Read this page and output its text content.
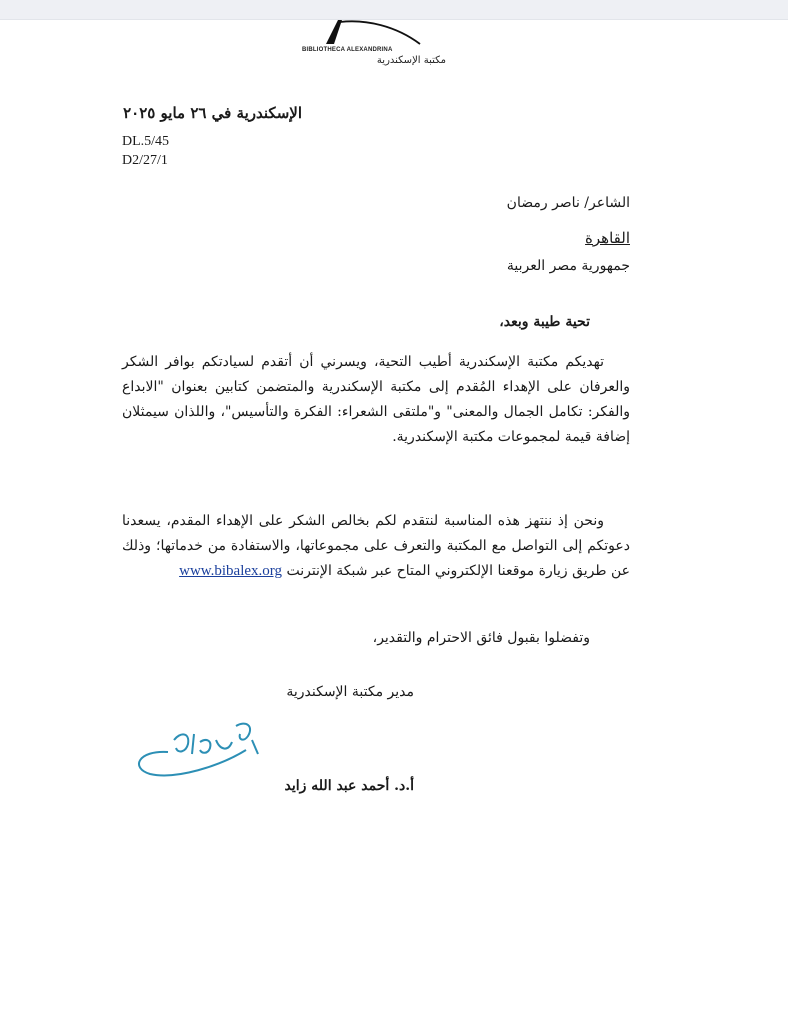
BIBLIOTHECA ALEXANDRINA
مكتبة الإسكندرية
الإسكندرية في ٢٦ مايو ٢٠٢٥
DL.5/45
D2/27/1
الشاعر/ ناصر رمضان
القاهرة
جمهورية مصر العربية
تحية طيبة وبعد،

تهديكم مكتبة الإسكندرية أطيب التحية، ويسرني أن أتقدم لسيادتكم بوافر الشكر والعرفان على الإهداء المُقدم إلى مكتبة الإسكندرية والمتضمن كتابين بعنوان "الابداع والفكر: تكامل الجمال والمعنى" و"ملتقى الشعراء: الفكرة والتأسيس"، واللذان سيمثلان إضافة قيمة لمجموعات مكتبة الإسكندرية.

ونحن إذ ننتهز هذه المناسبة لنتقدم لكم بخالص الشكر على الإهداء المقدم، يسعدنا دعوتكم إلى التواصل مع المكتبة والتعرف على مجموعاتها، والاستفادة من خدماتها؛ وذلك عن طريق زيارة موقعنا الإلكتروني المتاح عبر شبكة الإنترنت www.bibalex.org

وتفضلوا بقبول فائق الاحترام والتقدير،
مدير مكتبة الإسكندرية
أ.د. أحمد عبد الله زايد
